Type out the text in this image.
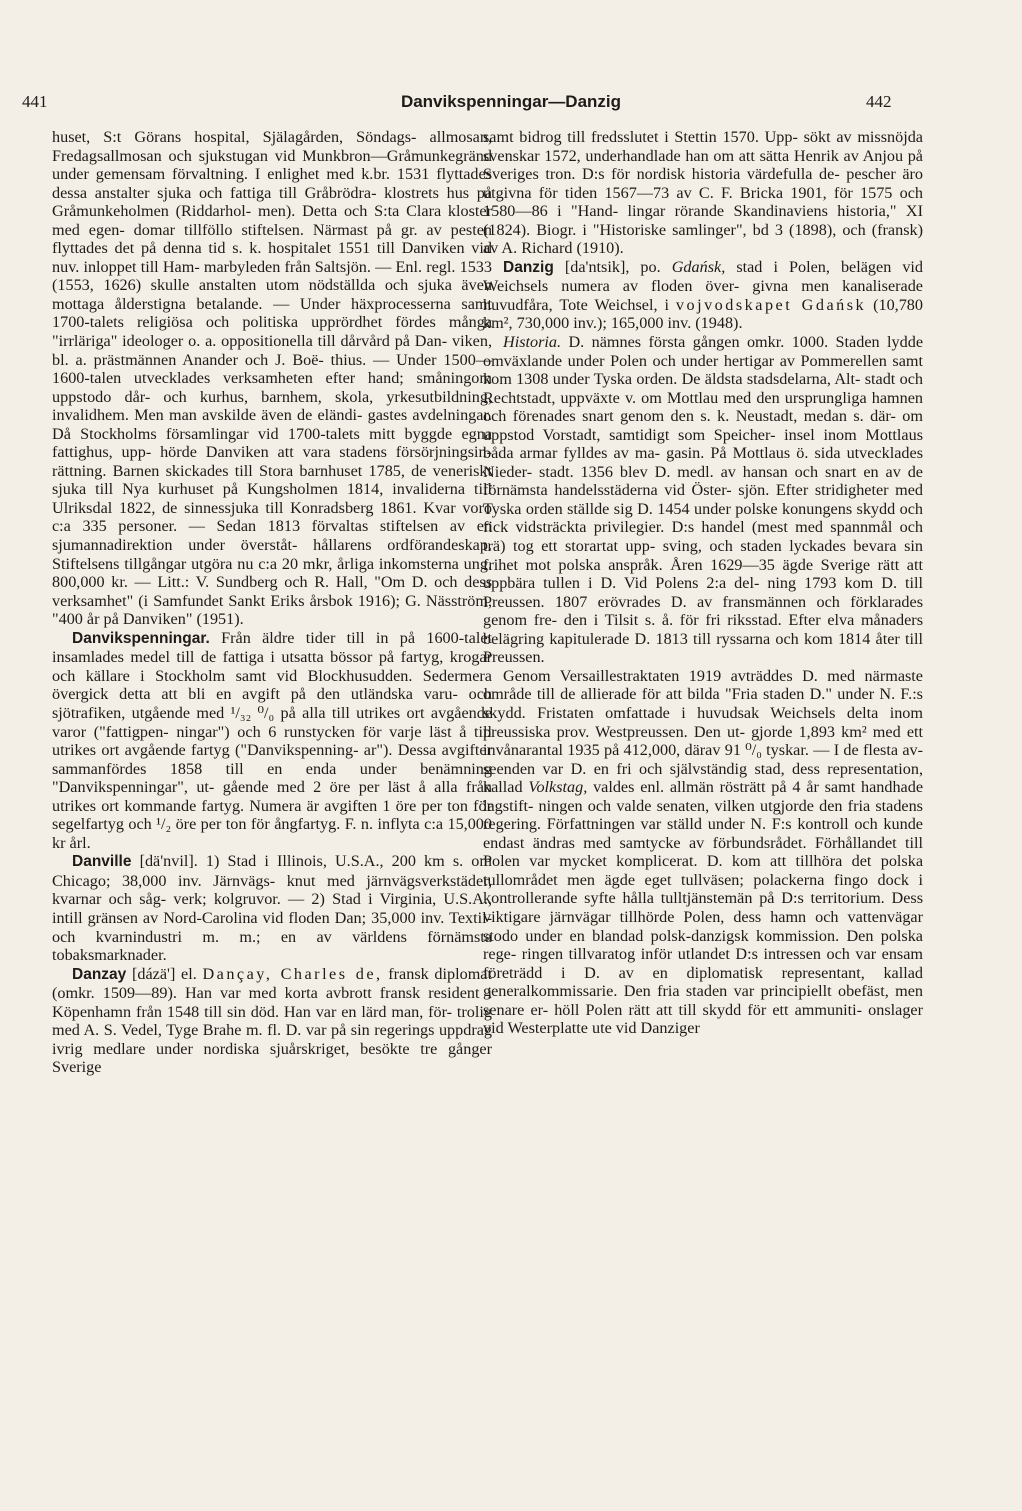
441	Danvikspenningar—Danzig	442

huset, S:t Görans hospital, Själagården, Söndags- allmosan, Fredagsallmosan och sjukstugan vid Munkbron—Gråmunkegränd under gemensam förvaltning. I enlighet med k.br. 1531 flyttades dessa anstalter sjuka och fattiga till Gråbrödra- klostrets hus på Gråmunkeholmen (Riddarhol- men). Detta och S:ta Clara kloster med egen- domar tillföllo stiftelsen. Närmast på gr. av pesten flyttades det på denna tid s. k. hospitalet 1551 till Danviken vid nuv. inloppet till Ham- marbyleden från Saltsjön. — Enl. regl. 1533 (1553, 1626) skulle anstalten utom nödställda och sjuka även mottaga ålderstigna betalande. — Under häxprocesserna samt 1700-talets religiösa och politiska upprördhet fördes många "irrläriga" ideologer o. a. oppositionella till dårvård på Dan- viken, bl. a. prästmännen Anander och J. Boë- thius. — Under 1500—1600-talen utvecklades verksamheten efter hand; småningom uppstodo dår- och kurhus, barnhem, skola, yrkesutbildning, invalidhem. Men man avskilde även de eländi- gastes avdelningar. Då Stockholms församlingar vid 1700-talets mitt byggde egna fattighus, upp- hörde Danviken att vara stadens försörjningsin- rättning. Barnen skickades till Stora barnhuset 1785, de veneriskt sjuka till Nya kurhuset på Kungsholmen 1814, invaliderna till Ulriksdal 1822, de sinnessjuka till Konradsberg 1861. Kvar voro c:a 335 personer. — Sedan 1813 förvaltas stiftelsen av en sjumannadirektion under överståt- hållarens ordförandeskap. Stiftelsens tillgångar utgöra nu c:a 20 mkr, årliga inkomsterna ung. 800,000 kr. — Litt.: V. Sundberg och R. Hall, "Om D. och dess verksamhet" (i Samfundet Sankt Eriks årsbok 1916); G. Näsström, "400 år på Danviken" (1951).

Danvikspenningar. Från äldre tider till in på 1600-talet insamlades medel till de fattiga i utsatta bössor på fartyg, krogar och källare i Stockholm samt vid Blockhusudden. Sedermera övergick detta att bli en avgift på den utländska varu- och sjötrafiken, utgående med ¹/₃₂ ⁰/₀ på alla till utrikes ort avgående varor ("fattigpen- ningar") och 6 runstycken för varje läst å till utrikes ort avgående fartyg ("Danvikspenning- ar"). Dessa avgifter sammanfördes 1858 till en enda under benämning "Danvikspenningar", ut- gående med 2 öre per läst å alla från utrikes ort kommande fartyg. Numera är avgiften 1 öre per ton för segelfartyg och ¹/₂ öre per ton för ångfartyg. F. n. inflyta c:a 15,000 kr årl.

Danville [dä'nvil]. 1) Stad i Illinois, U.S.A., 200 km s. om Chicago; 38,000 inv. Järnvägs- knut med järnvägsverkstäder, kvarnar och såg- verk; kolgruvor. — 2) Stad i Virginia, U.S.A., intill gränsen av Nord-Carolina vid floden Dan; 35,000 inv. Textil- och kvarnindustri m. m.; en av världens förnämsta tobaksmarknader.

Danzay [dázä'] el. Dançay, Charles de, fransk diplomat (omkr. 1509—89). Han var med korta avbrott fransk resident i Köpenhamn från 1548 till sin död. Han var en lärd man, för- trolig med A. S. Vedel, Tyge Brahe m. fl. D. var på sin regerings uppdrag ivrig medlare under nordiska sjuårskriget, besökte tre gånger Sverige

samt bidrog till fredsslutet i Stettin 1570. Upp- sökt av missnöjda svenskar 1572, underhandlade han om att sätta Henrik av Anjou på Sveriges tron. D:s för nordisk historia värdefulla de- pescher äro utgivna för tiden 1567—73 av C. F. Bricka 1901, för 1575 och 1580—86 i "Hand- lingar rörande Skandinaviens historia," XI (1824). Biogr. i "Historiske samlinger", bd 3 (1898), och (fransk) av A. Richard (1910).

Danzig [da'ntsik], po. Gdańsk, stad i Polen, belägen vid Weichsels numera av floden över- givna men kanaliserade huvudfåra, Tote Weichsel, i vojvodskapet Gdańsk (10,780 km², 730,000 inv.); 165,000 inv. (1948).

Historia. D. nämnes första gången omkr. 1000. Staden lydde omväxlande under Polen och under hertigar av Pommerellen samt kom 1308 under Tyska orden. De äldsta stadsdelarna, Alt- stadt och Rechtstadt, uppväxte v. om Mottlau med den ursprungliga hamnen och förenades snart genom den s. k. Neustadt, medan s. där- om uppstod Vorstadt, samtidigt som Speicher- insel inom Mottlaus båda armar fylldes av ma- gasin. På Mottlaus ö. sida utvecklades Nieder- stadt. 1356 blev D. medl. av hansan och snart en av de förnämsta handelsstäderna vid Öster- sjön. Efter stridigheter med Tyska orden ställde sig D. 1454 under polske konungens skydd och fick vidsträckta privilegier. D:s handel (mest med spannmål och trä) tog ett storartat upp- sving, och staden lyckades bevara sin frihet mot polska anspråk. Åren 1629—35 ägde Sverige rätt att uppbära tullen i D. Vid Polens 2:a del- ning 1793 kom D. till Preussen. 1807 erövrades D. av fransmännen och förklarades genom fre- den i Tilsit s. å. för fri riksstad. Efter elva månaders belägring kapitulerade D. 1813 till ryssarna och kom 1814 åter till Preussen.

Genom Versaillestraktaten 1919 avträddes D. med närmaste område till de allierade för att bilda "Fria staden D." under N. F.:s skydd. Fristaten omfattade i huvudsak Weichsels delta inom preussiska prov. Westpreussen. Den ut- gjorde 1,893 km² med ett invånarantal 1935 på 412,000, därav 91 ⁰/₀ tyskar. — I de flesta av- seenden var D. en fri och självständig stad, dess representation, kallad Volkstag, valdes enl. allmän rösträtt på 4 år samt handhade lagstift- ningen och valde senaten, vilken utgjorde den fria stadens regering. Författningen var ställd under N. F:s kontroll och kunde endast ändras med samtycke av förbundsrådet. Förhållandet till Polen var mycket komplicerat. D. kom att tillhöra det polska tullområdet men ägde eget tullväsen; polackerna fingo dock i kontrollerande syfte hålla tulltjänstemän på D:s territorium. Dess viktigare järnvägar tillhörde Polen, dess hamn och vattenvägar stodo under en blandad polsk-danzigsk kommission. Den polska rege- ringen tillvaratog inför utlandet D:s intressen och var ensam företrädd i D. av en diplomatisk representant, kallad generalkommissarie. Den fria staden var principiellt obefäst, men senare er- höll Polen rätt att till skydd för ett ammuniti- onslager vid Westerplatte ute vid Danziger
